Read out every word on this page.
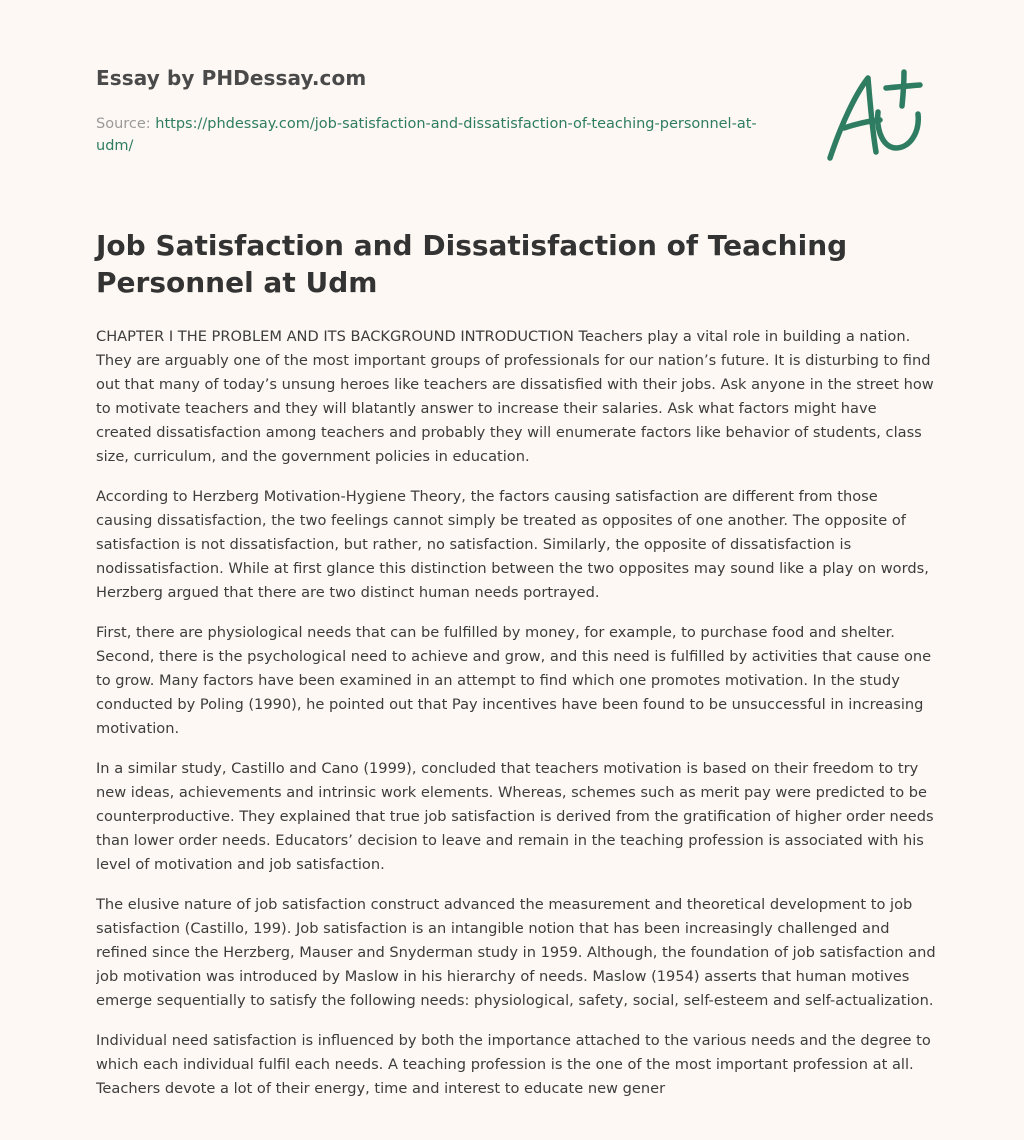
Essay by PHDessay.com
Source: https://phdessay.com/job-satisfaction-and-dissatisfaction-of-teaching-personnel-at-udm/
Job Satisfaction and Dissatisfaction of Teaching Personnel at Udm

CHAPTER I THE PROBLEM AND ITS BACKGROUND INTRODUCTION Teachers play a vital role in building a nation. They are arguably one of the most important groups of professionals for our nation’s future. It is disturbing to find out that many of today’s unsung heroes like teachers are dissatisfied with their jobs. Ask anyone in the street how to motivate teachers and they will blatantly answer to increase their salaries. Ask what factors might have created dissatisfaction among teachers and probably they will enumerate factors like behavior of students, class size, curriculum, and the government policies in education.

According to Herzberg Motivation-Hygiene Theory, the factors causing satisfaction are different from those causing dissatisfaction, the two feelings cannot simply be treated as opposites of one another. The opposite of satisfaction is not dissatisfaction, but rather, no satisfaction. Similarly, the opposite of dissatisfaction is nodissatisfaction. While at first glance this distinction between the two opposites may sound like a play on words, Herzberg argued that there are two distinct human needs portrayed.

First, there are physiological needs that can be fulfilled by money, for example, to purchase food and shelter. Second, there is the psychological need to achieve and grow, and this need is fulfilled by activities that cause one to grow. Many factors have been examined in an attempt to find which one promotes motivation. In the study conducted by Poling (1990), he pointed out that Pay incentives have been found to be unsuccessful in increasing motivation.

In a similar study, Castillo and Cano (1999), concluded that teachers motivation is based on their freedom to try new ideas, achievements and intrinsic work elements. Whereas, schemes such as merit pay were predicted to be counterproductive. They explained that true job satisfaction is derived from the gratification of higher order needs than lower order needs. Educators’ decision to leave and remain in the teaching profession is associated with his level of motivation and job satisfaction.

The elusive nature of job satisfaction construct advanced the measurement and theoretical development to job satisfaction (Castillo, 199). Job satisfaction is an intangible notion that has been increasingly challenged and refined since the Herzberg, Mauser and Snyderman study in 1959. Although, the foundation of job satisfaction and job motivation was introduced by Maslow in his hierarchy of needs. Maslow (1954) asserts that human motives emerge sequentially to satisfy the following needs: physiological, safety, social, self-esteem and self-actualization.

Individual need satisfaction is influenced by both the importance attached to the various needs and the degree to which each individual fulfil each needs. A teaching profession is the one of the most important profession at all. Teachers devote a lot of their energy, time and interest to educate new gener
